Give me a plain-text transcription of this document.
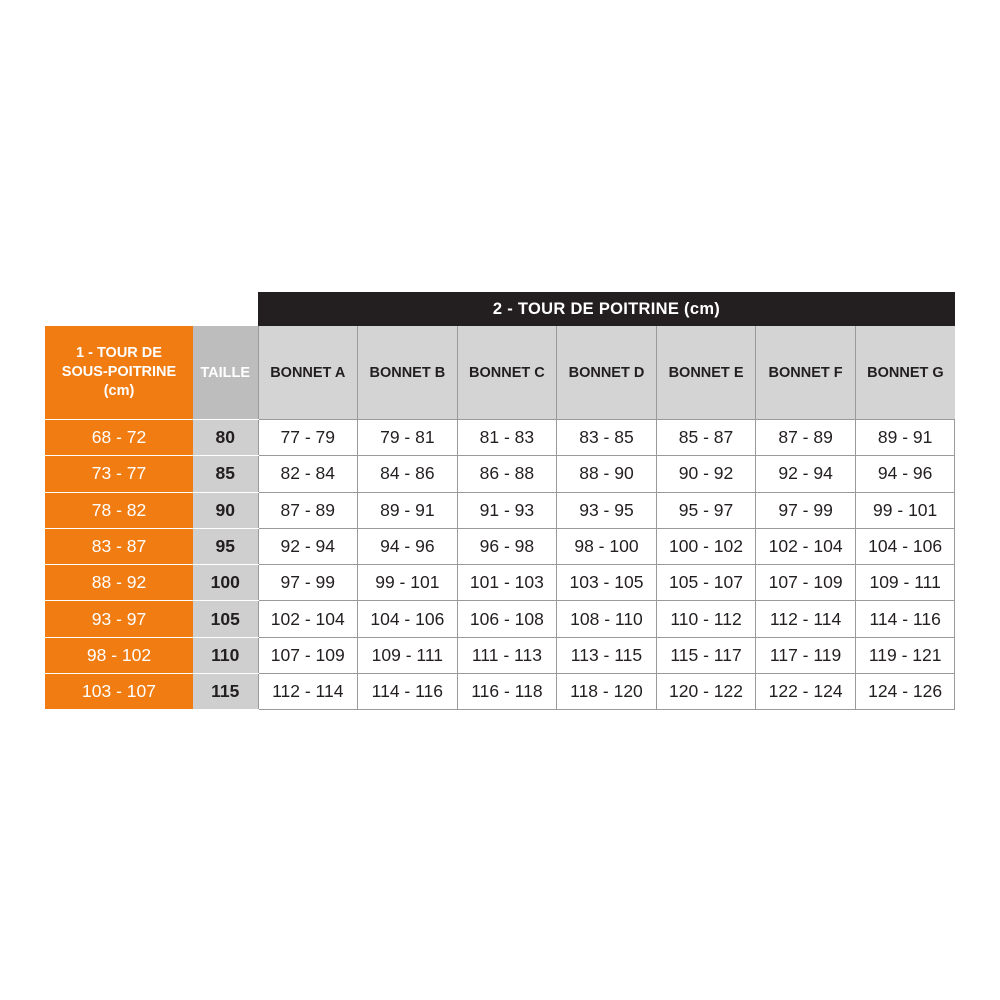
2 - TOUR DE POITRINE (cm)
1 - TOUR DE
SOUS-POITRINE
(cm)	TAILLE	BONNET A	BONNET B	BONNET C	BONNET D	BONNET E	BONNET F	BONNET G
68 - 72	80	77 - 79	79 - 81	81 - 83	83 - 85	85 - 87	87 - 89	89 - 91
73 - 77	85	82 - 84	84 - 86	86 - 88	88 - 90	90 - 92	92 - 94	94 - 96
78 - 82	90	87 - 89	89 - 91	91 - 93	93 - 95	95 - 97	97 - 99	99 - 101
83 - 87	95	92 - 94	94 - 96	96 - 98	98 - 100	100 - 102	102 - 104	104 - 106
88 - 92	100	97 - 99	99 - 101	101 - 103	103 - 105	105 - 107	107 - 109	109 - 111
93 - 97	105	102 - 104	104 - 106	106 - 108	108 - 110	110 - 112	112 - 114	114 - 116
98 - 102	110	107 - 109	109 - 111	111 - 113	113 - 115	115 - 117	117 - 119	119 - 121
103 - 107	115	112 - 114	114 - 116	116 - 118	118 - 120	120 - 122	122 - 124	124 - 126
